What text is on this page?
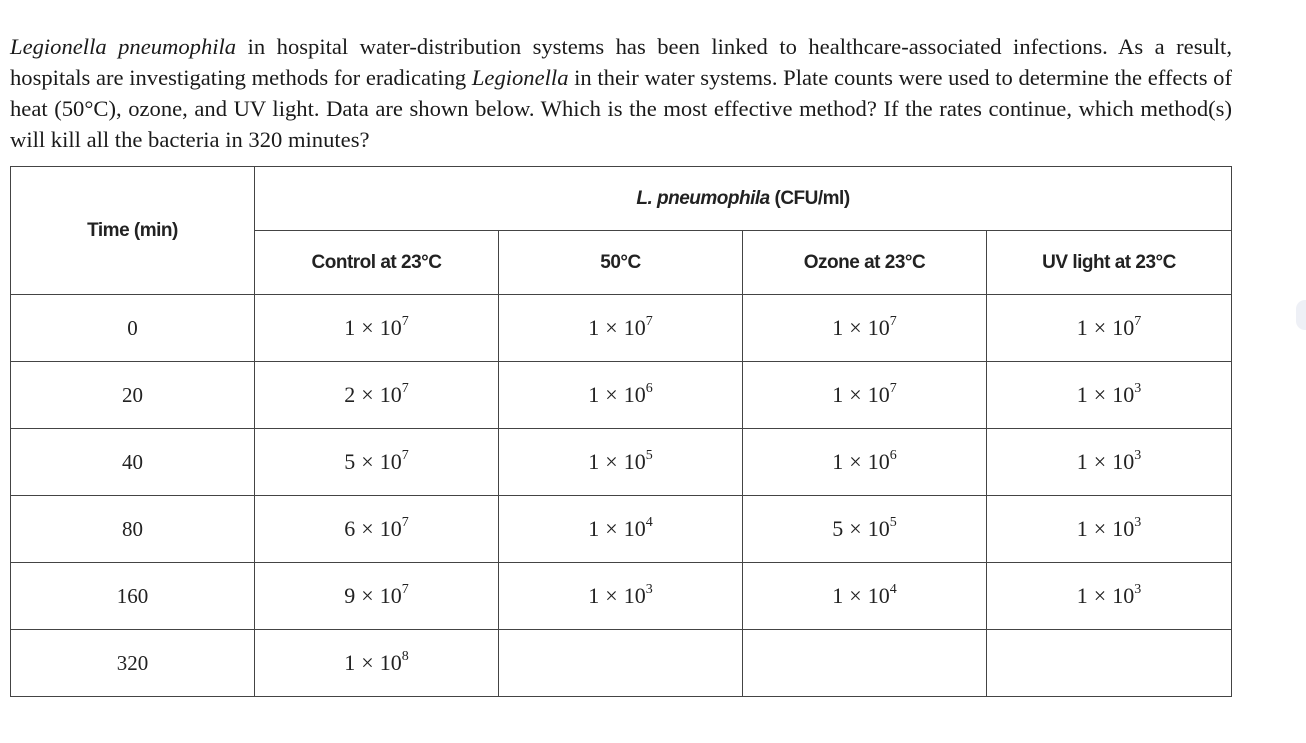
Legionella pneumophila in hospital water-distribution systems has been linked to healthcare-associated infections. As a result, hospitals are investigating methods for eradicating Legionella in their water systems. Plate counts were used to determine the effects of heat (50°C), ozone, and UV light. Data are shown below. Which is the most effective method? If the rates continue, which method(s) will kill all the bacteria in 320 minutes?

Time (min)	L. pneumophila (CFU/ml)			
	Control at 23°C	50°C	Ozone at 23°C	UV light at 23°C
0	$1 \times 10^7$	$1 \times 10^7$	$1 \times 10^7$	$1 \times 10^7$
20	$2 \times 10^7$	$1 \times 10^6$	$1 \times 10^7$	$1 \times 10^3$
40	$5 \times 10^7$	$1 \times 10^5$	$1 \times 10^6$	$1 \times 10^3$
80	$6 \times 10^7$	$1 \times 10^4$	$5 \times 10^5$	$1 \times 10^3$
160	$9 \times 10^7$	$1 \times 10^3$	$1 \times 10^4$	$1 \times 10^3$
320	$1 \times 10^8$			
